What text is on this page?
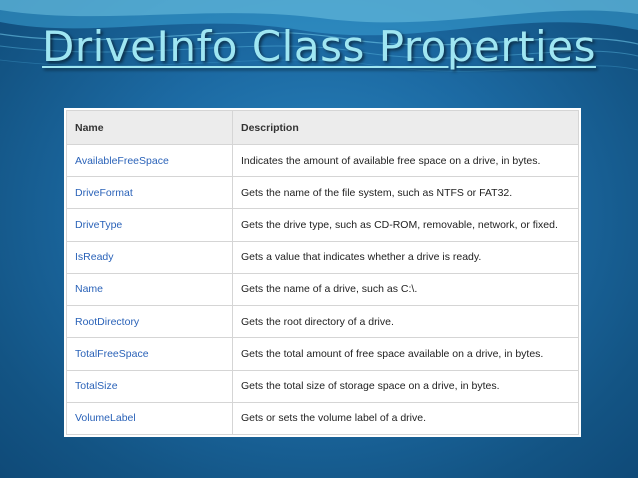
DriveInfo Class Properties
Name	Description
AvailableFreeSpace	Indicates the amount of available free space on a drive, in bytes.
DriveFormat	Gets the name of the file system, such as NTFS or FAT32.
DriveType	Gets the drive type, such as CD-ROM, removable, network, or fixed.
IsReady	Gets a value that indicates whether a drive is ready.
Name	Gets the name of a drive, such as C:\.
RootDirectory	Gets the root directory of a drive.
TotalFreeSpace	Gets the total amount of free space available on a drive, in bytes.
TotalSize	Gets the total size of storage space on a drive, in bytes.
VolumeLabel	Gets or sets the volume label of a drive.
